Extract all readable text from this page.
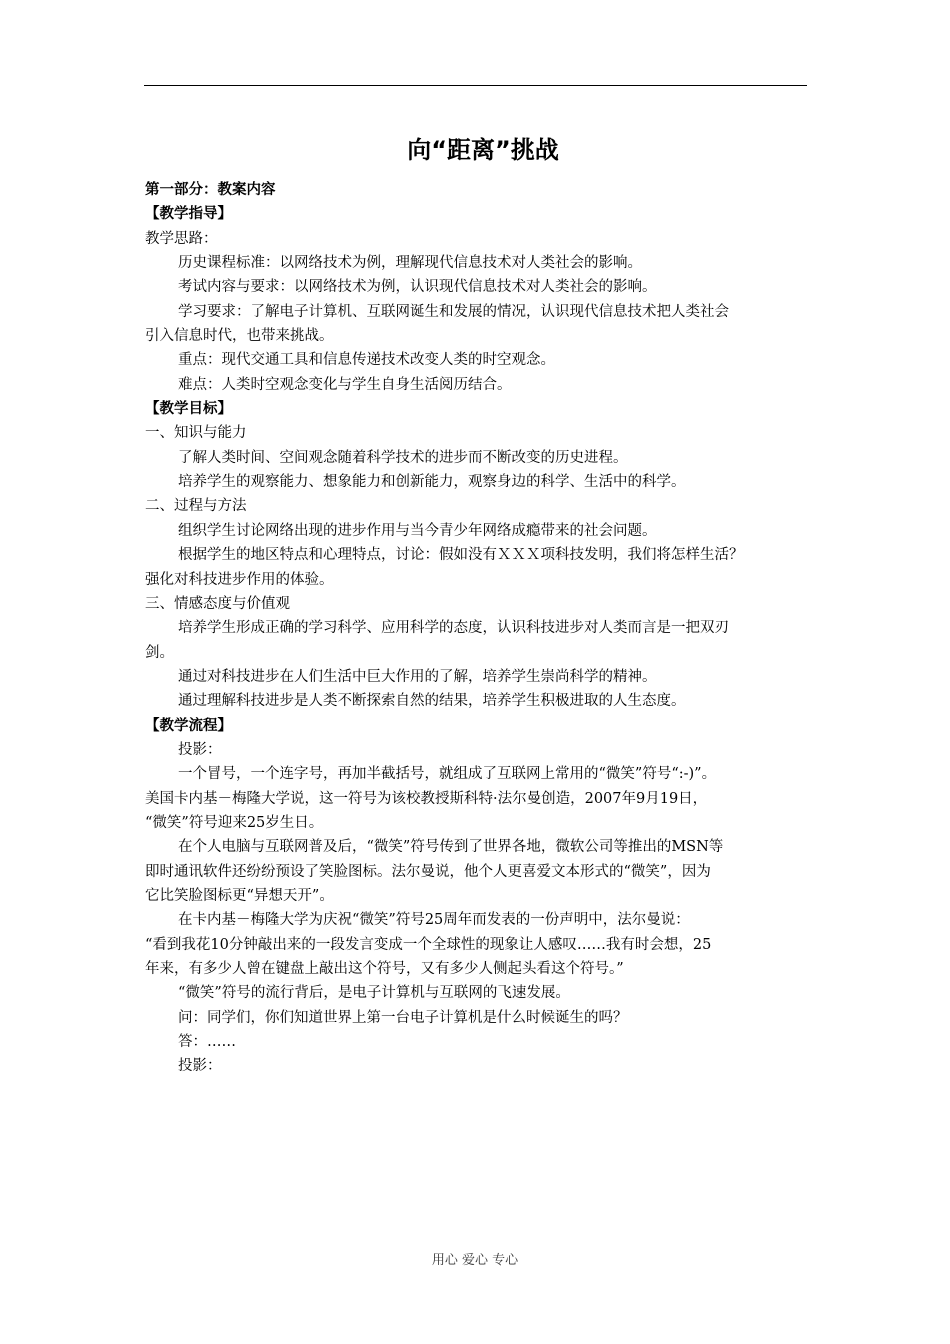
向“距离”挑战
第一部分：教案内容
【教学指导】
教学思路：
历史课程标准：以网络技术为例，理解现代信息技术对人类社会的影响。
考试内容与要求：以网络技术为例，认识现代信息技术对人类社会的影响。
学习要求：了解电子计算机、互联网诞生和发展的情况，认识现代信息技术把人类社会
引入信息时代，也带来挑战。
重点：现代交通工具和信息传递技术改变人类的时空观念。
难点：人类时空观念变化与学生自身生活阅历结合。
【教学目标】
一、知识与能力
了解人类时间、空间观念随着科学技术的进步而不断改变的历史进程。
培养学生的观察能力、想象能力和创新能力，观察身边的科学、生活中的科学。
二、过程与方法
组织学生讨论网络出现的进步作用与当今青少年网络成瘾带来的社会问题。
根据学生的地区特点和心理特点，讨论：假如没有ＸＸＸ项科技发明，我们将怎样生活？
强化对科技进步作用的体验。
三、情感态度与价值观
培养学生形成正确的学习科学、应用科学的态度，认识科技进步对人类而言是一把双刃
剑。
通过对科技进步在人们生活中巨大作用的了解，培养学生崇尚科学的精神。
通过理解科技进步是人类不断探索自然的结果，培养学生积极进取的人生态度。
【教学流程】
投影：
一个冒号，一个连字号，再加半截括号，就组成了互联网上常用的“微笑”符号“:-)”。
美国卡内基－梅隆大学说，这一符号为该校教授斯科特·法尔曼创造，2007年9月19日，
“微笑”符号迎来25岁生日。
在个人电脑与互联网普及后，“微笑”符号传到了世界各地，微软公司等推出的MSN等
即时通讯软件还纷纷预设了笑脸图标。法尔曼说，他个人更喜爱文本形式的“微笑”，因为
它比笑脸图标更“异想天开”。
在卡内基－梅隆大学为庆祝“微笑”符号25周年而发表的一份声明中，法尔曼说：
“看到我花10分钟敲出来的一段发言变成一个全球性的现象让人感叹……我有时会想，25
年来，有多少人曾在键盘上敲出这个符号，又有多少人侧起头看这个符号。”
“微笑”符号的流行背后，是电子计算机与互联网的飞速发展。
问：同学们，你们知道世界上第一台电子计算机是什么时候诞生的吗？
答：……
投影：
用心 爱心 专心
